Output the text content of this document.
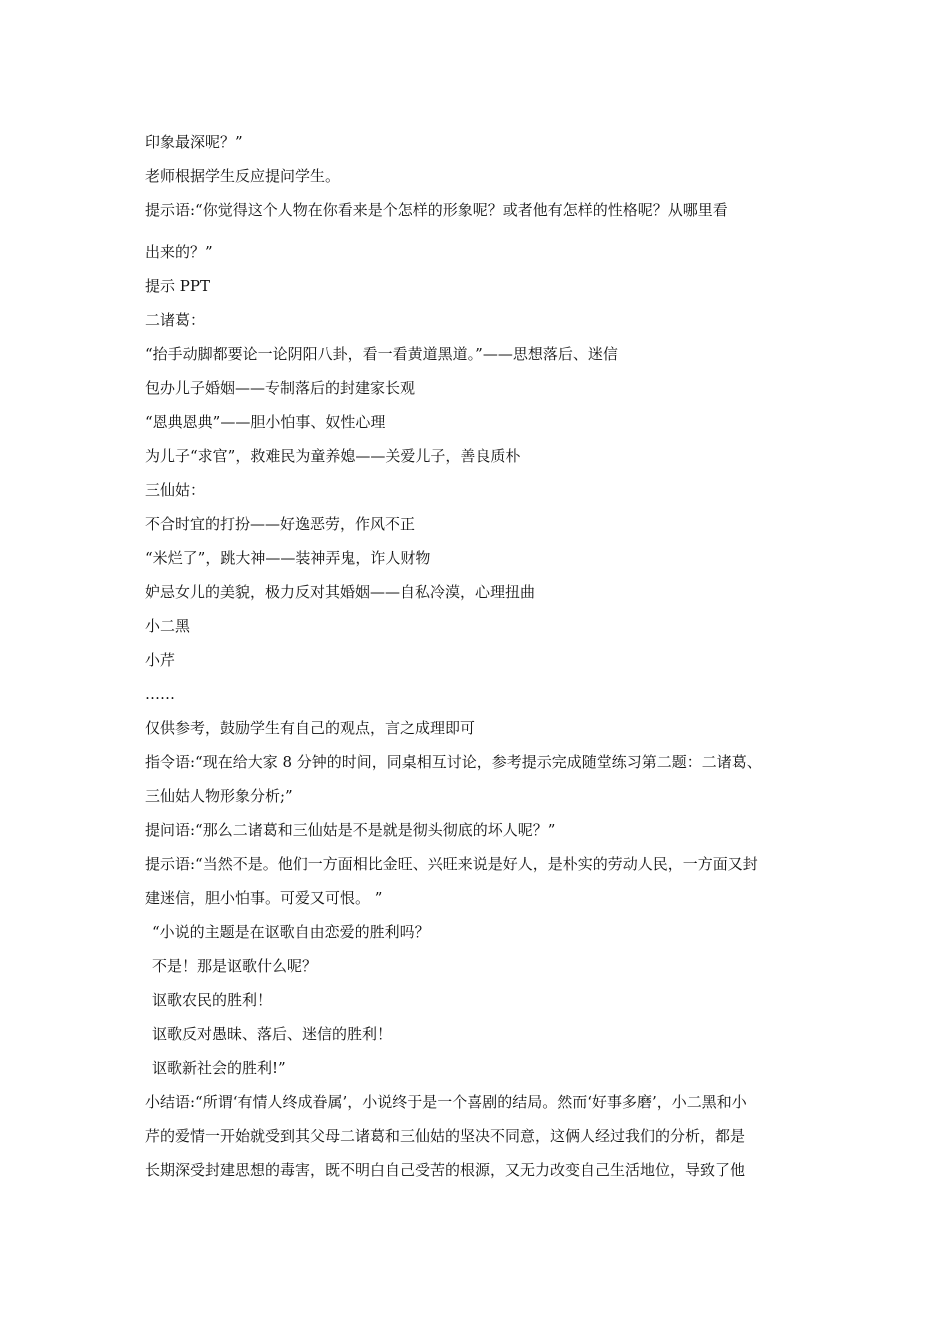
印象最深呢？”
老师根据学生反应提问学生。
提示语:“你觉得这个人物在你看来是个怎样的形象呢？或者他有怎样的性格呢？从哪里看
出来的？”
提示 PPT
二诸葛：
“抬手动脚都要论一论阴阳八卦，看一看黄道黑道。”——思想落后、迷信
包办儿子婚姻——专制落后的封建家长观
“恩典恩典”——胆小怕事、奴性心理
为儿子“求官”，救难民为童养媳——关爱儿子，善良质朴
三仙姑：
不合时宜的打扮——好逸恶劳，作风不正
“米烂了”，跳大神——装神弄鬼，诈人财物
妒忌女儿的美貌，极力反对其婚姻——自私冷漠，心理扭曲
小二黑
小芹
……
仅供参考，鼓励学生有自己的观点，言之成理即可
指令语:“现在给大家 8 分钟的时间，同桌相互讨论，参考提示完成随堂练习第二题：二诸葛、
三仙姑人物形象分析;”
提问语:“那么二诸葛和三仙姑是不是就是彻头彻底的坏人呢？”
提示语:“当然不是。他们一方面相比金旺、兴旺来说是好人，是朴实的劳动人民，一方面又封
建迷信，胆小怕事。可爱又可恨。 ”
“小说的主题是在讴歌自由恋爱的胜利吗？
不是！那是讴歌什么呢？
讴歌农民的胜利！
讴歌反对愚昧、落后、迷信的胜利！
讴歌新社会的胜利!”
小结语:“所谓‘有情人终成眷属’，小说终于是一个喜剧的结局。然而‘好事多磨’，小二黑和小
芹的爱情一开始就受到其父母二诸葛和三仙姑的坚决不同意，这俩人经过我们的分析，都是
长期深受封建思想的毒害，既不明白自己受苦的根源，又无力改变自己生活地位，导致了他
